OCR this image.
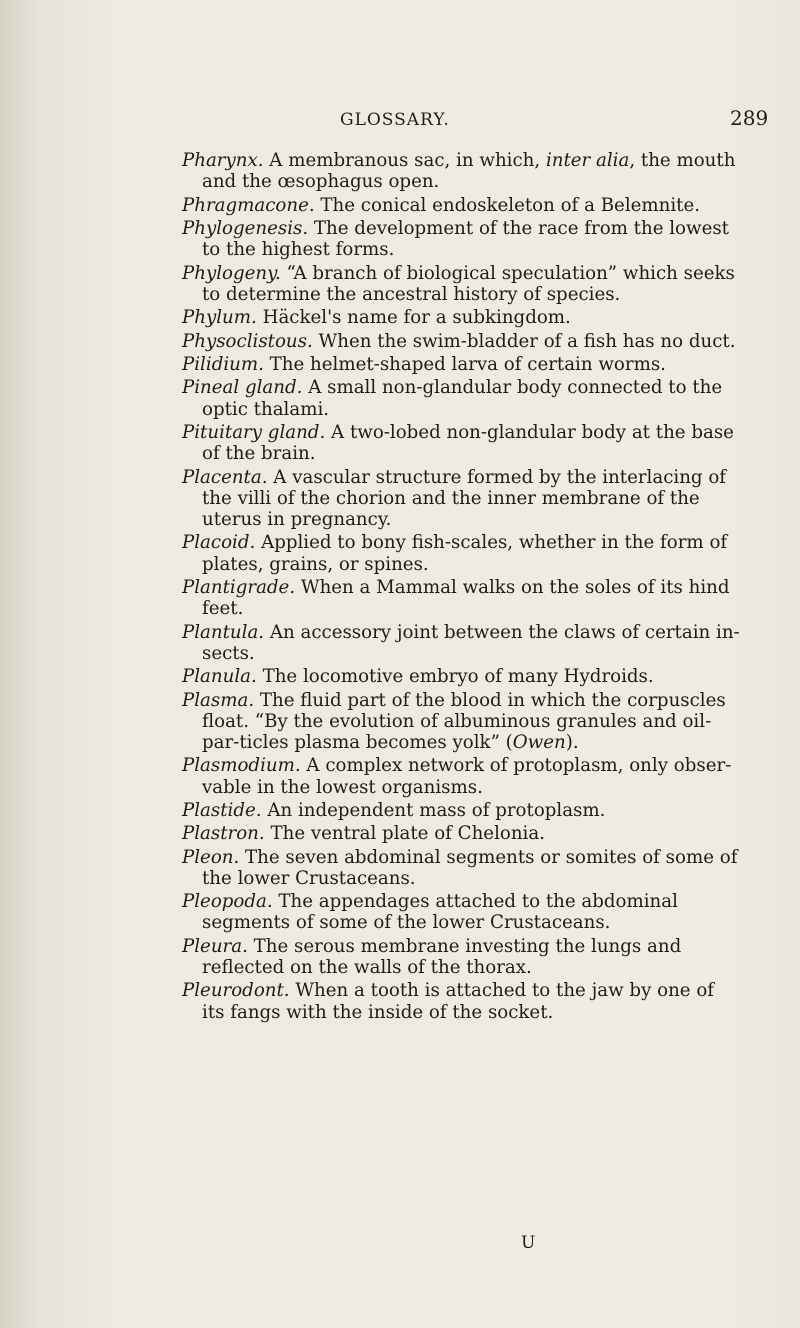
GLOSSARY.	289

Pharynx. A membranous sac, in which, inter alia, the mouth and the œsophagus open.

Phragmacone. The conical endoskeleton of a Belemnite.

Phylogenesis. The development of the race from the lowest to the highest forms.

Phylogeny. “A branch of biological speculation” which seeks to determine the ancestral history of species.

Phylum. Häckel's name for a subkingdom.

Physoclistous. When the swim-bladder of a fish has no duct.

Pilidium. The helmet-shaped larva of certain worms.

Pineal gland. A small non-glandular body connected to the optic thalami.

Pituitary gland. A two-lobed non-glandular body at the base of the brain.

Placenta. A vascular structure formed by the interlacing of the villi of the chorion and the inner membrane of the uterus in pregnancy.

Placoid. Applied to bony fish-scales, whether in the form of plates, grains, or spines.

Plantigrade. When a Mammal walks on the soles of its hind feet.

Plantula. An accessory joint between the claws of certain in-sects.

Planula. The locomotive embryo of many Hydroids.

Plasma. The fluid part of the blood in which the corpuscles float. “By the evolution of albuminous granules and oil-par-ticles plasma becomes yolk” (Owen).

Plasmodium. A complex network of protoplasm, only obser-vable in the lowest organisms.

Plastide. An independent mass of protoplasm.

Plastron. The ventral plate of Chelonia.

Pleon. The seven abdominal segments or somites of some of the lower Crustaceans.

Pleopoda. The appendages attached to the abdominal segments of some of the lower Crustaceans.

Pleura. The serous membrane investing the lungs and reflected on the walls of the thorax.

Pleurodont. When a tooth is attached to the jaw by one of its fangs with the inside of the socket.

U
